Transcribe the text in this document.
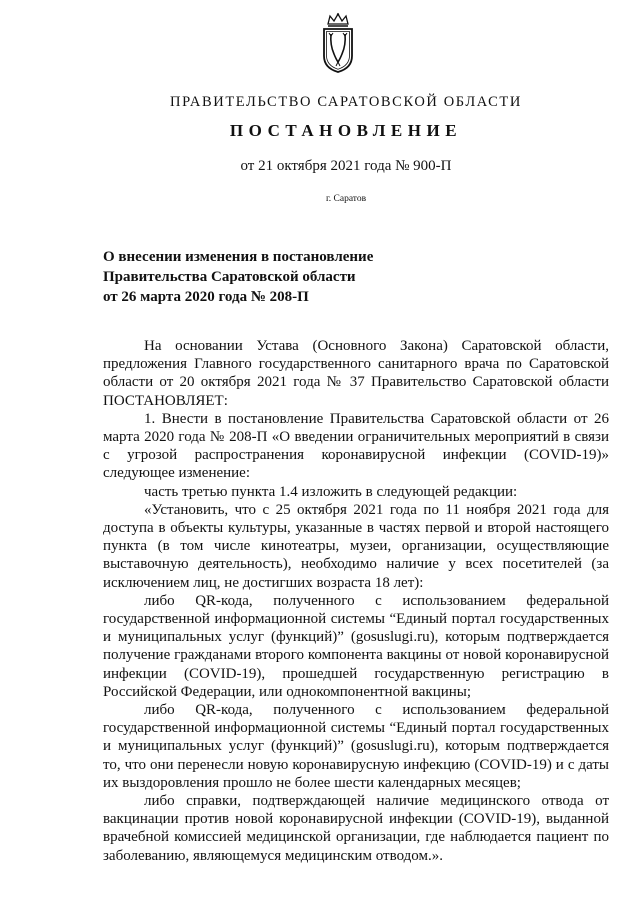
ПРАВИТЕЛЬСТВО САРАТОВСКОЙ ОБЛАСТИ
ПОСТАНОВЛЕНИЕ
от 21 октября 2021 года № 900-П
г. Саратов
О внесении изменения в постановление
Правительства Саратовской области
от 26 марта 2020 года № 208-П

На основании Устава (Основного Закона) Саратовской области, предложения Главного государственного санитарного врача по Саратовской области от 20 октября 2021 года № 37 Правительство Саратовской области ПОСТАНОВЛЯЕТ:

1. Внести в постановление Правительства Саратовской области от 26 марта 2020 года № 208-П «О введении ограничительных мероприятий в связи с угрозой распространения коронавирусной инфекции (COVID-19)» следующее изменение:

часть третью пункта 1.4 изложить в следующей редакции:

«Установить, что с 25 октября 2021 года по 11 ноября 2021 года для доступа в объекты культуры, указанные в частях первой и второй настоящего пункта (в том числе кинотеатры, музеи, организации, осуществляющие выставочную деятельность), необходимо наличие у всех посетителей (за исключением лиц, не достигших возраста 18 лет):

либо QR-кода, полученного с использованием федеральной государственной информационной системы “Единый портал государственных и муниципальных услуг (функций)” (gosuslugi.ru), которым подтверждается получение гражданами второго компонента вакцины от новой коронавирусной инфекции (COVID-19), прошедшей государственную регистрацию в Российской Федерации, или однокомпонентной вакцины;

либо QR-кода, полученного с использованием федеральной государственной информационной системы “Единый портал государственных и муниципальных услуг (функций)” (gosuslugi.ru), которым подтверждается то, что они перенесли новую коронавирусную инфекцию (COVID-19) и с даты их выздоровления прошло не более шести календарных месяцев;

либо справки, подтверждающей наличие медицинского отвода от вакцинации против новой коронавирусной инфекции (COVID-19), выданной врачебной комиссией медицинской организации, где наблюдается пациент по заболеванию, являющемуся медицинским отводом.».
